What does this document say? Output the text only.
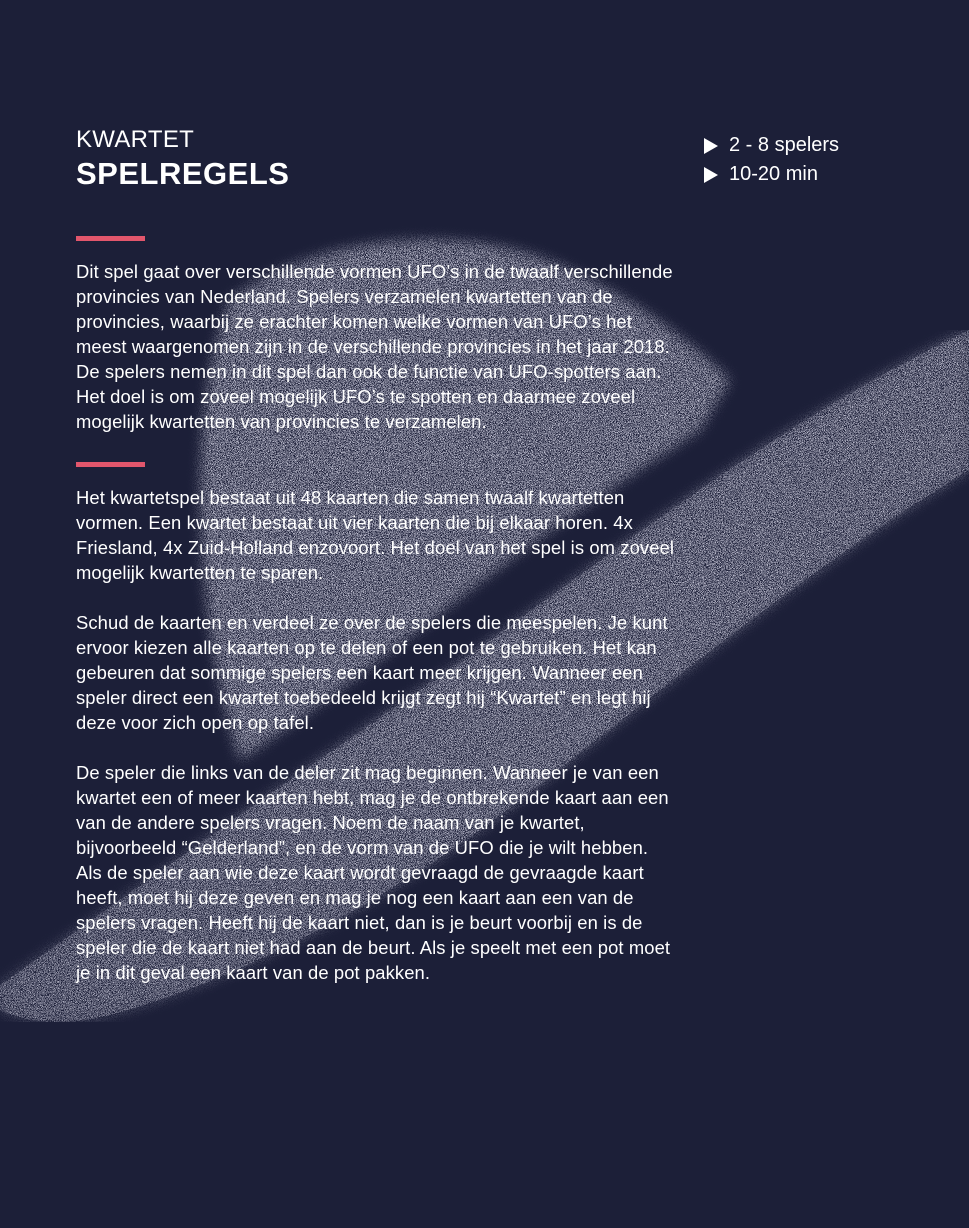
KWARTET
SPELREGELS

Dit spel gaat over verschillende vormen UFO’s in de twaalf verschillende provincies van Nederland. Spelers verzamelen kwartetten van de provincies, waarbij ze erachter komen welke vormen van UFO’s het meest waargenomen zijn in de verschillende provincies in het jaar 2018. De spelers nemen in dit spel dan ook de functie van UFO-spotters aan. Het doel is om zoveel mogelijk UFO’s te spotten en daarmee zoveel mogelijk kwartetten van provincies te verzamelen.

Het kwartetspel bestaat uit 48 kaarten die samen twaalf kwartetten vormen. Een kwartet bestaat uit vier kaarten die bij elkaar horen. 4x Friesland, 4x Zuid-Holland enzovoort. Het doel van het spel is om zoveel mogelijk kwartetten te sparen.

Schud de kaarten en verdeel ze over de spelers die meespelen. Je kunt ervoor kiezen alle kaarten op te delen of een pot te gebruiken. Het kan gebeuren dat sommige spelers een kaart meer krijgen. Wanneer een speler direct een kwartet toebedeeld krijgt zegt hij “Kwartet” en legt hij deze voor zich open op tafel.

De speler die links van de deler zit mag beginnen. Wanneer je van een kwartet een of meer kaarten hebt, mag je de ontbrekende kaart aan een van de andere spelers vragen. Noem de naam van je kwartet, bijvoorbeeld “Gelderland”, en de vorm van de UFO die je wilt hebben. Als de speler aan wie deze kaart wordt gevraagd de gevraagde kaart heeft, moet hij deze geven en mag je nog een kaart aan een van de spelers vragen. Heeft hij de kaart niet, dan is je beurt voorbij en is de speler die de kaart niet had aan de beurt. Als je speelt met een pot moet je in dit geval een kaart van de pot pakken.

2 - 8 spelers
10-20 min
